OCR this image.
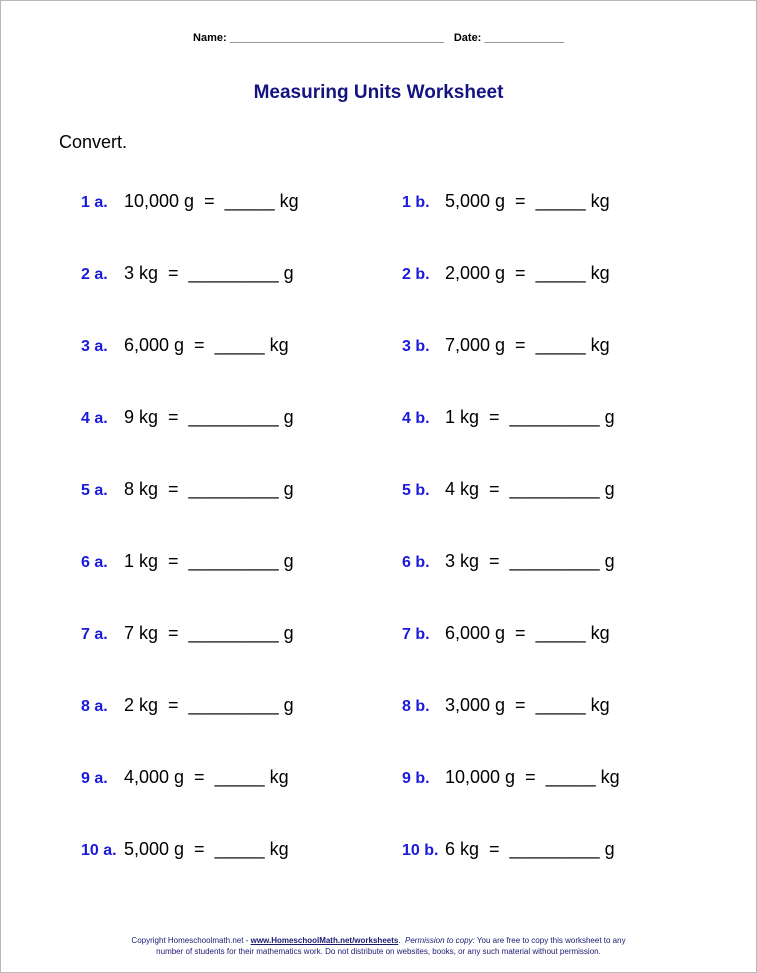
Name: ___________________________________ Date: _____________
Measuring Units Worksheet
Convert.
1 a. 10,000 g  =  _____ kg	1 b. 5,000 g  =  _____ kg
2 a. 3 kg  =  _________ g	2 b. 2,000 g  =  _____ kg
3 a. 6,000 g  =  _____ kg	3 b. 7,000 g  =  _____ kg
4 a. 9 kg  =  _________ g	4 b. 1 kg  =  _________ g
5 a. 8 kg  =  _________ g	5 b. 4 kg  =  _________ g
6 a. 1 kg  =  _________ g	6 b. 3 kg  =  _________ g
7 a. 7 kg  =  _________ g	7 b. 6,000 g  =  _____ kg
8 a. 2 kg  =  _________ g	8 b. 3,000 g  =  _____ kg
9 a. 4,000 g  =  _____ kg	9 b. 10,000 g  =  _____ kg
10 a. 5,000 g  =  _____ kg	10 b. 6 kg  =  _________ g
Copyright Homeschoolmath.net - www.HomeschoolMath.net/worksheets.  Permission to copy: You are free to copy this worksheet to any
number of students for their mathematics work. Do not distribute on websites, books, or any such material without permission.
